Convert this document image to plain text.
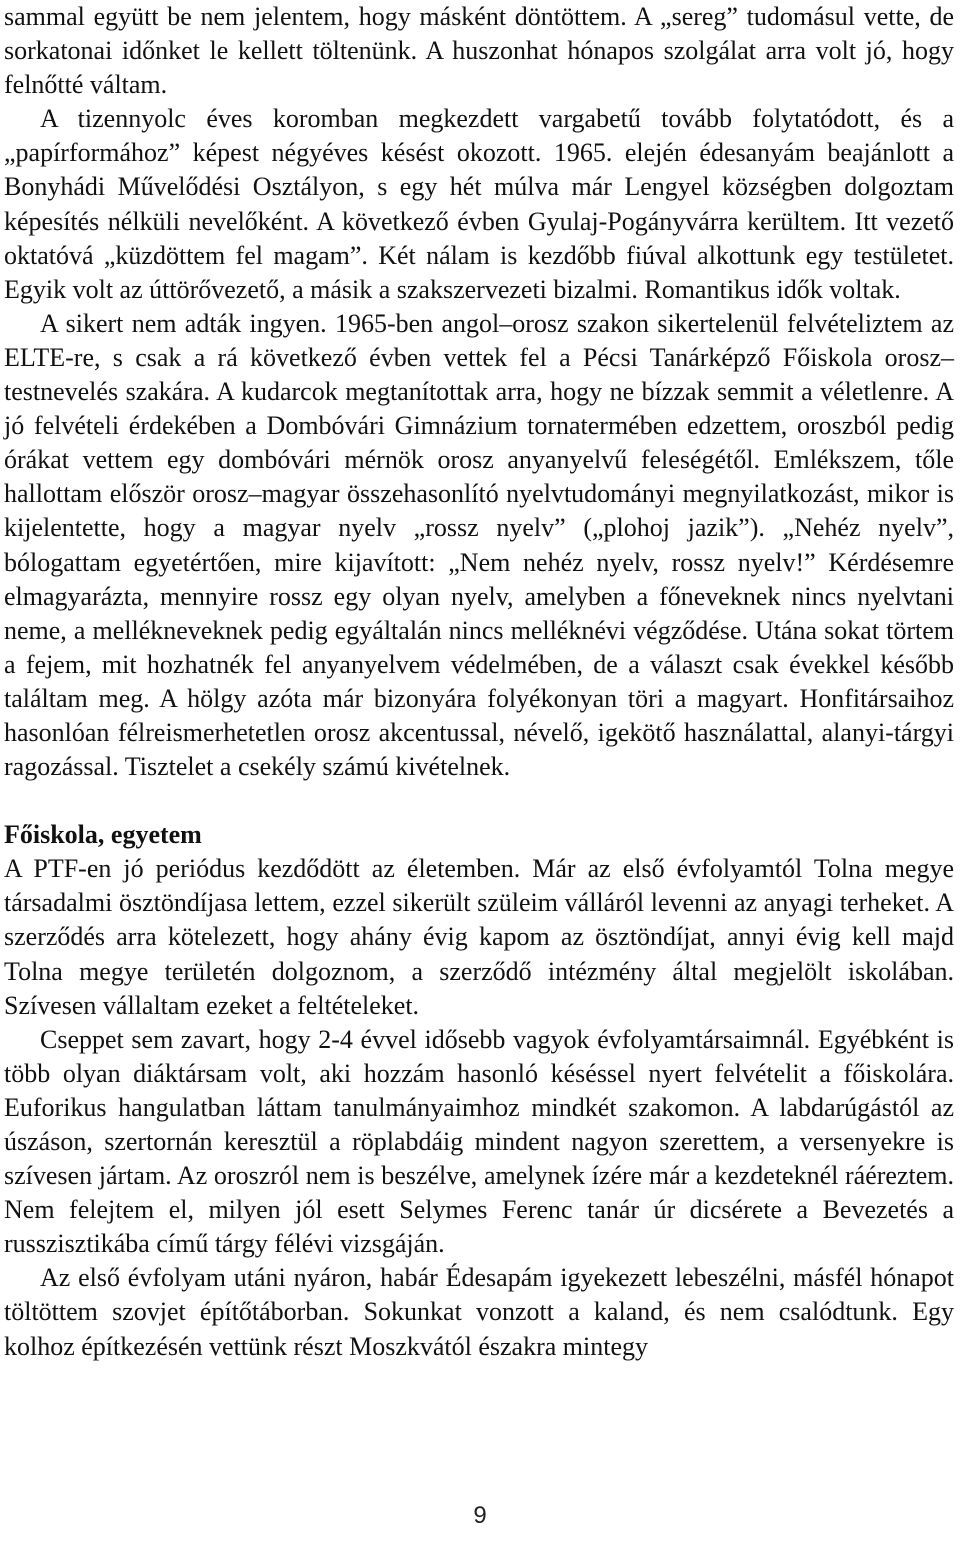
sammal együtt be nem jelentem, hogy másként döntöttem. A „sereg” tudomásul vette, de sorkatonai időnket le kellett töltenünk. A huszonhat hónapos szolgálat arra volt jó, hogy felnőtté váltam.

A tizennyolc éves koromban megkezdett vargabetű tovább folytatódott, és a „papírformához” képest négyéves késést okozott. 1965. elején édesanyám beajánlott a Bonyhádi Művelődési Osztályon, s egy hét múlva már Lengyel községben dolgoztam képesítés nélküli nevelőként. A következő évben Gyulaj-Pogányvárra kerültem. Itt vezető oktatóvá „küzdöttem fel magam”. Két nálam is kezdőbb fiúval alkottunk egy testületet. Egyik volt az úttörővezető, a másik a szakszervezeti bizalmi. Romantikus idők voltak.

A sikert nem adták ingyen. 1965-ben angol–orosz szakon sikertelenül felvételiztem az ELTE-re, s csak a rá következő évben vettek fel a Pécsi Tanárképző Főiskola orosz–testnevelés szakára. A kudarcok megtanítottak arra, hogy ne bízzak semmit a véletlenre. A jó felvételi érdekében a Dombóvári Gimnázium tornatermében edzettem, oroszból pedig órákat vettem egy dombóvári mérnök orosz anyanyelvű feleségétől. Emlékszem, tőle hallottam először orosz–magyar összehasonlító nyelvtudományi megnyilatkozást, mikor is kijelentette, hogy a magyar nyelv „rossz nyelv” („plohoj jazik”). „Nehéz nyelv”, bólogattam egyetértően, mire kijavított: „Nem nehéz nyelv, rossz nyelv!” Kérdésemre elmagyarázta, mennyire rossz egy olyan nyelv, amelyben a főneveknek nincs nyelvtani neme, a mellékneveknek pedig egyáltalán nincs melléknévi végződése. Utána sokat törtem a fejem, mit hozhatnék fel anyanyelvem védelmében, de a választ csak évekkel később találtam meg. A hölgy azóta már bizonyára folyékonyan töri a magyart. Honfitársaihoz hasonlóan félreismerhetetlen orosz akcentussal, névelő, igekötő használattal, alanyi-tárgyi ragozással. Tisztelet a csekély számú kivételnek.

Főiskola, egyetem

A PTF-en jó periódus kezdődött az életemben. Már az első évfolyamtól Tolna megye társadalmi ösztöndíjasa lettem, ezzel sikerült szüleim válláról levenni az anyagi terheket. A szerződés arra kötelezett, hogy ahány évig kapom az ösztöndíjat, annyi évig kell majd Tolna megye területén dolgoznom, a szerződő intézmény által megjelölt iskolában. Szívesen vállaltam ezeket a feltételeket.

Cseppet sem zavart, hogy 2-4 évvel idősebb vagyok évfolyamtársaimnál. Egyébként is több olyan diáktársam volt, aki hozzám hasonló késéssel nyert felvételit a főiskolára. Euforikus hangulatban láttam tanulmányaimhoz mindkét szakomon. A labdarúgástól az úszáson, szertornán keresztül a röplabdáig mindent nagyon szerettem, a versenyekre is szívesen jártam. Az oroszról nem is beszélve, amelynek ízére már a kezdeteknél ráéreztem. Nem felejtem el, milyen jól esett Selymes Ferenc tanár úr dicsérete a Bevezetés a russzisztikába című tárgy félévi vizsgáján.

Az első évfolyam utáni nyáron, habár Édesapám igyekezett lebeszélni, másfél hónapot töltöttem szovjet építőtáborban. Sokunkat vonzott a kaland, és nem csalódtunk. Egy kolhoz építkezésén vettünk részt Moszkvától északra mintegy

9
